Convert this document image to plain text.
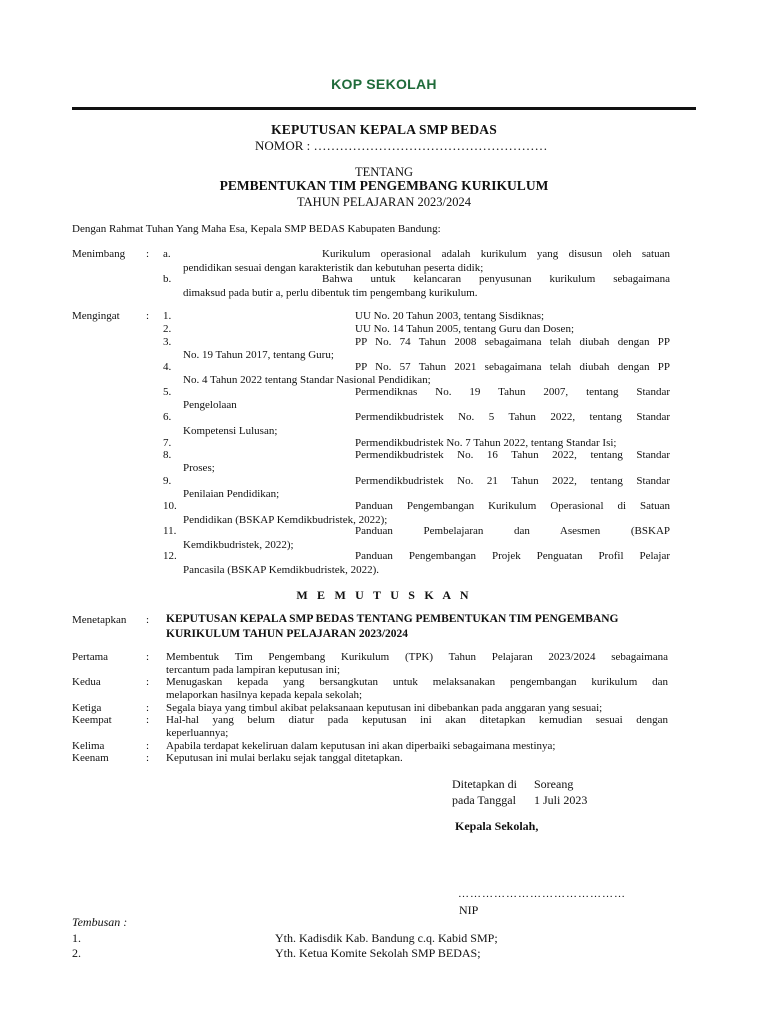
KOP SEKOLAH
KEPUTUSAN KEPALA SMP BEDAS
NOMOR : ………………………………………………
TENTANG
PEMBENTUKAN TIM PENGEMBANG KURIKULUM
TAHUN PELAJARAN 2023/2024
Dengan Rahmat Tuhan Yang Maha Esa, Kepala SMP BEDAS Kabupaten Bandung:
Menimbang : a.	Kurikulum operasional adalah kurikulum yang disusun oleh satuan
pendidikan sesuai dengan karakteristik dan kebutuhan peserta didik;
b.	Bahwa untuk kelancaran penyusunan kurikulum sebagaimana
dimaksud pada butir a, perlu dibentuk tim pengembang kurikulum.
Mengingat : 1.	UU No. 20 Tahun 2003, tentang Sisdiknas;
2.	UU No. 14 Tahun 2005, tentang Guru dan Dosen;
3.	PP No. 74 Tahun 2008 sebagaimana telah diubah dengan PP
No. 19 Tahun 2017, tentang Guru;
4.	PP No. 57 Tahun 2021 sebagaimana telah diubah dengan PP
No. 4 Tahun 2022 tentang Standar Nasional Pendidikan;
5.	Permendiknas No. 19 Tahun 2007, tentang Standar
Pengelolaan
6.	Permendikbudristek No. 5 Tahun 2022, tentang Standar
Kompetensi Lulusan;
7.	Permendikbudristek No. 7 Tahun 2022, tentang Standar Isi;
8.	Permendikbudristek No. 16 Tahun 2022, tentang Standar
Proses;
9.	Permendikbudristek No. 21 Tahun 2022, tentang Standar
Penilaian Pendidikan;
10.	Panduan Pengembangan Kurikulum Operasional di Satuan
Pendidikan (BSKAP Kemdikbudristek, 2022);
11.	Panduan Pembelajaran dan Asesmen (BSKAP
Kemdikbudristek, 2022);
12.	Panduan Pengembangan Projek Penguatan Profil Pelajar
Pancasila (BSKAP Kemdikbudristek, 2022).
M E M U T U S K A N
Menetapkan : KEPUTUSAN KEPALA SMP BEDAS TENTANG PEMBENTUKAN TIM PENGEMBANG KURIKULUM TAHUN PELAJARAN 2023/2024
Pertama	: Membentuk Tim Pengembang Kurikulum (TPK) Tahun Pelajaran 2023/2024 sebagaimana
tercantum pada lampiran keputusan ini;
Kedua	: Menugaskan kepada yang bersangkutan untuk melaksanakan pengembangan kurikulum dan
melaporkan hasilnya kepada kepala sekolah;
Ketiga	: Segala biaya yang timbul akibat pelaksanaan keputusan ini dibebankan pada anggaran yang sesuai;
Keempat	: Hal-hal yang belum diatur pada keputusan ini akan ditetapkan kemudian sesuai dengan
keperluannya;
Kelima	: Apabila terdapat kekeliruan dalam keputusan ini akan diperbaiki sebagaimana mestinya;
Keenam	: Keputusan ini mulai berlaku sejak tanggal ditetapkan.
Ditetapkan di Soreang
pada Tanggal 1 Juli 2023
Kepala Sekolah,
……………………………………
NIP
Tembusan :
1.	Yth. Kadisdik Kab. Bandung c.q. Kabid SMP;
2.	Yth. Ketua Komite Sekolah SMP BEDAS;
